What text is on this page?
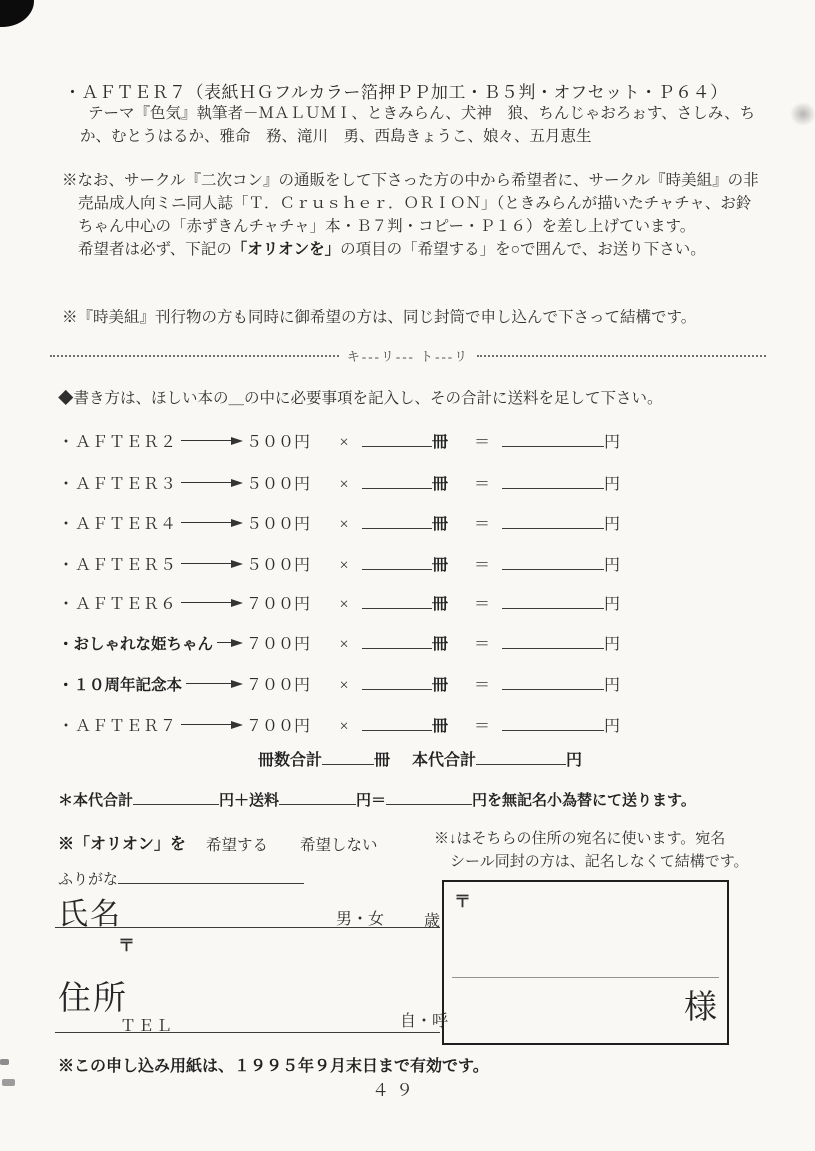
・ＡＦＴＥＲ７（表紙ＨＧフルカラー箔押ＰＰ加工・Ｂ５判・オフセット・Ｐ６４）
テーマ『色気』執筆者－ＭＡＬＵＭＩ、ときみらん、犬神　狼、ちんじゃおろぉす、さしみ、ち
か、むとうはるか、雅命　務、滝川　勇、西島きょうこ、娘々、五月恵生
※なお、サークル『二次コン』の通販をして下さった方の中から希望者に、サークル『時美組』の非
売品成人向ミニ同人誌「Ｔ．Ｃｒｕｓｈｅｒ．ＯＲＩＯＮ」（ときみらんが描いたチャチャ、お鈴
ちゃん中心の「赤ずきんチャチャ」本・Ｂ７判・コピー・Ｐ１６）を差し上げています。
希望者は必ず、下記の「オリオンを」の項目の「希望する」を○で囲んで、お送り下さい。
※『時美組』刊行物の方も同時に御希望の方は、同じ封筒で申し込んで下さって結構です。
キ---リ--- ト---リ
◆書き方は、ほしい本の＿の中に必要事項を記入し、その合計に送料を足して下さい。
・ＡＦＴＥＲ２	５００円	×	冊	＝	円
・ＡＦＴＥＲ３	５００円	×	冊	＝	円
・ＡＦＴＥＲ４	５００円	×	冊	＝	円
・ＡＦＴＥＲ５	５００円	×	冊	＝	円
・ＡＦＴＥＲ６	７００円	×	冊	＝	円
・おしゃれな姫ちゃん ７００円	×	冊	＝	円
・１０周年記念本	７００円	×	冊	＝	円
・ＡＦＴＥＲ７	７００円	×	冊	＝	円
冊数合計	冊 本代合計	円
＊本代合計	円＋送料	円＝	円を無記名小為替にて送ります。
※「オリオン」を 希望する 希望しない	※↓はそちらの住所の宛名に使います。宛名
シール同封の方は、記名しなくて結構です。
ふりがな
氏名	男・女 歳
〒
住所
ＴＥＬ	自・呼
〒
様
※この申し込み用紙は、１９９５年９月末日まで有効です。
４９
